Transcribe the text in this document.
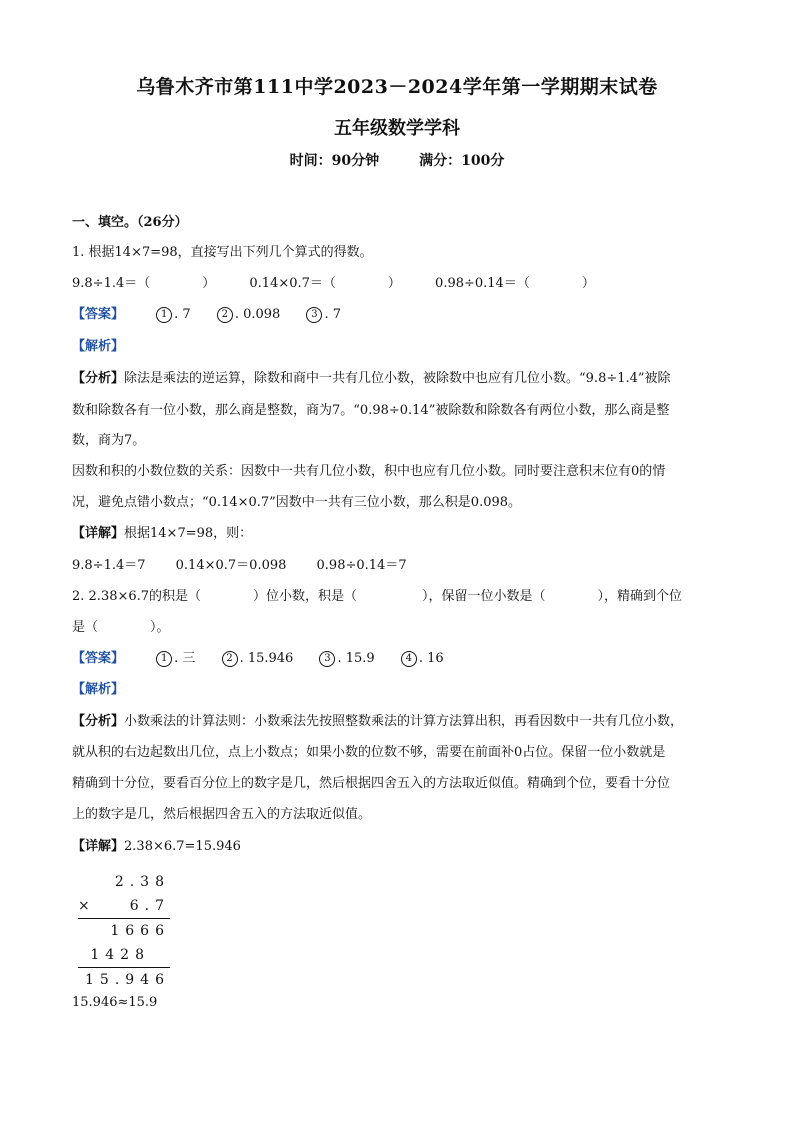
乌鲁木齐市第111中学2023－2024学年第一学期期末试卷
五年级数学学科
时间：90分钟	满分：100分
一、填空。（26分）
1. 根据14×7=98，直接写出下列几个算式的得数。
9.8÷1.4＝（　　　　）	0.14×0.7＝（　　　　）	0.98÷0.14＝（　　　　）
【答案】	1 . 7	2 . 0.098	3 . 7
【解析】
【分析】除法是乘法的逆运算，除数和商中一共有几位小数，被除数中也应有几位小数。“9.8÷1.4”被除
数和除数各有一位小数，那么商是整数，商为7。“0.98÷0.14”被除数和除数各有两位小数，那么商是整
数，商为7。
因数和积的小数位数的关系：因数中一共有几位小数，积中也应有几位小数。同时要注意积末位有0的情
况，避免点错小数点；“0.14×0.7”因数中一共有三位小数，那么积是0.098。
【详解】根据14×7=98，则：
9.8÷1.4＝7 0.14×0.7＝0.098 0.98÷0.14＝7
2. 2.38×6.7的积是（　　　　）位小数，积是（　　　　　），保留一位小数是（　　　　），精确到个位
是（　　　　）。
【答案】	1 . 三	2 . 15.946	3 . 15.9	4 . 16
【解析】
【分析】小数乘法的计算法则：小数乘法先按照整数乘法的计算方法算出积，再看因数中一共有几位小数，
就从积的右边起数出几位，点上小数点；如果小数的位数不够，需要在前面补0占位。保留一位小数就是
精确到十分位，要看百分位上的数字是几，然后根据四舍五入的方法取近似值。精确到个位，要看十分位
上的数字是几，然后根据四舍五入的方法取近似值。
【详解】2.38×6.7=15.946
2.38
×	6.7
1666
1428
15.946
15.946≈15.9
